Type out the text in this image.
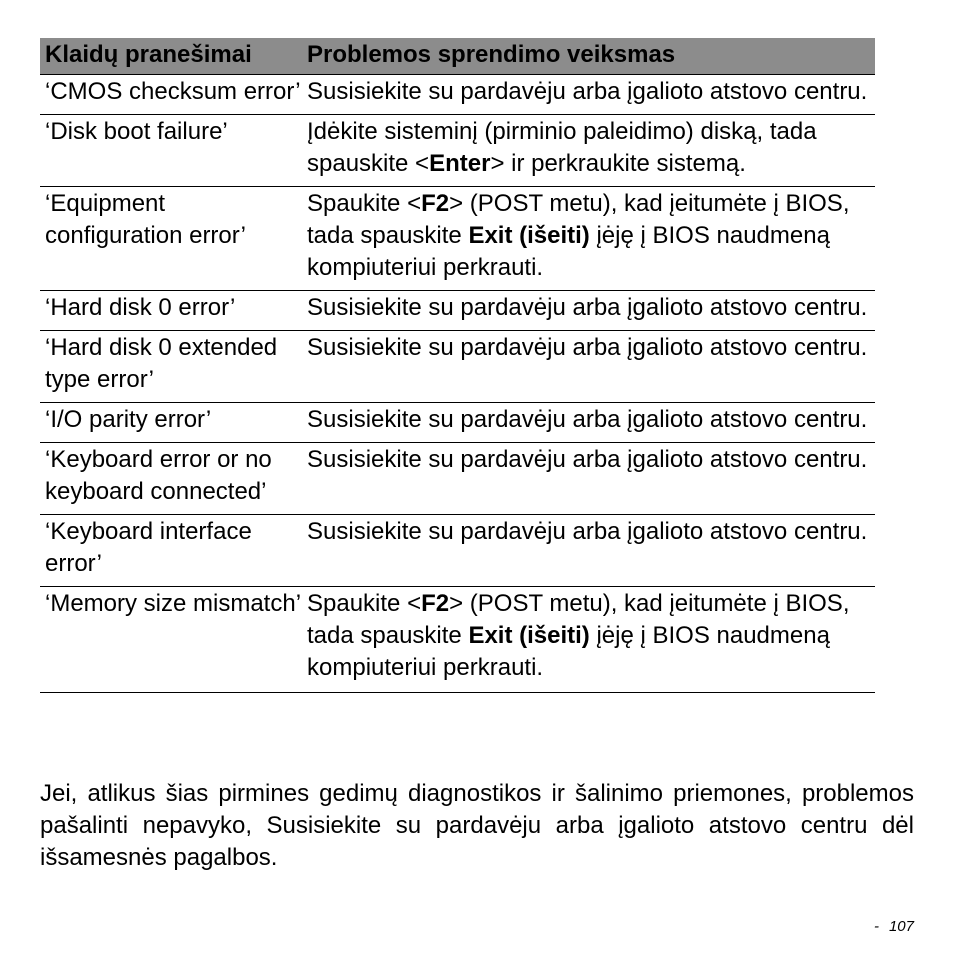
Klaidų pranešimai	Problemos sprendimo veiksmas
‘CMOS checksum error’	Susisiekite su pardavėju arba įgalioto atstovo centru.
‘Disk boot failure’	Įdėkite sisteminį (pirminio paleidimo) diską, tada spauskite <Enter> ir perkraukite sistemą.
‘Equipment configuration error’	Spaukite <F2> (POST metu), kad įeitumėte į BIOS, tada spauskite Exit (išeiti) įėję į BIOS naudmeną kompiuteriui perkrauti.
‘Hard disk 0 error’	Susisiekite su pardavėju arba įgalioto atstovo centru.
‘Hard disk 0 extended type error’	Susisiekite su pardavėju arba įgalioto atstovo centru.
‘I/O parity error’	Susisiekite su pardavėju arba įgalioto atstovo centru.
‘Keyboard error or no keyboard connected’	Susisiekite su pardavėju arba įgalioto atstovo centru.
‘Keyboard interface error’	Susisiekite su pardavėju arba įgalioto atstovo centru.
‘Memory size mismatch’	Spaukite <F2> (POST metu), kad įeitumėte į BIOS, tada spauskite Exit (išeiti) įėję į BIOS naudmeną kompiuteriui perkrauti.

Jei, atlikus šias pirmines gedimų diagnostikos ir šalinimo priemones, problemos pašalinti nepavyko, Susisiekite su pardavėju arba įgalioto atstovo centru dėl išsamesnės pagalbos.

- 107
